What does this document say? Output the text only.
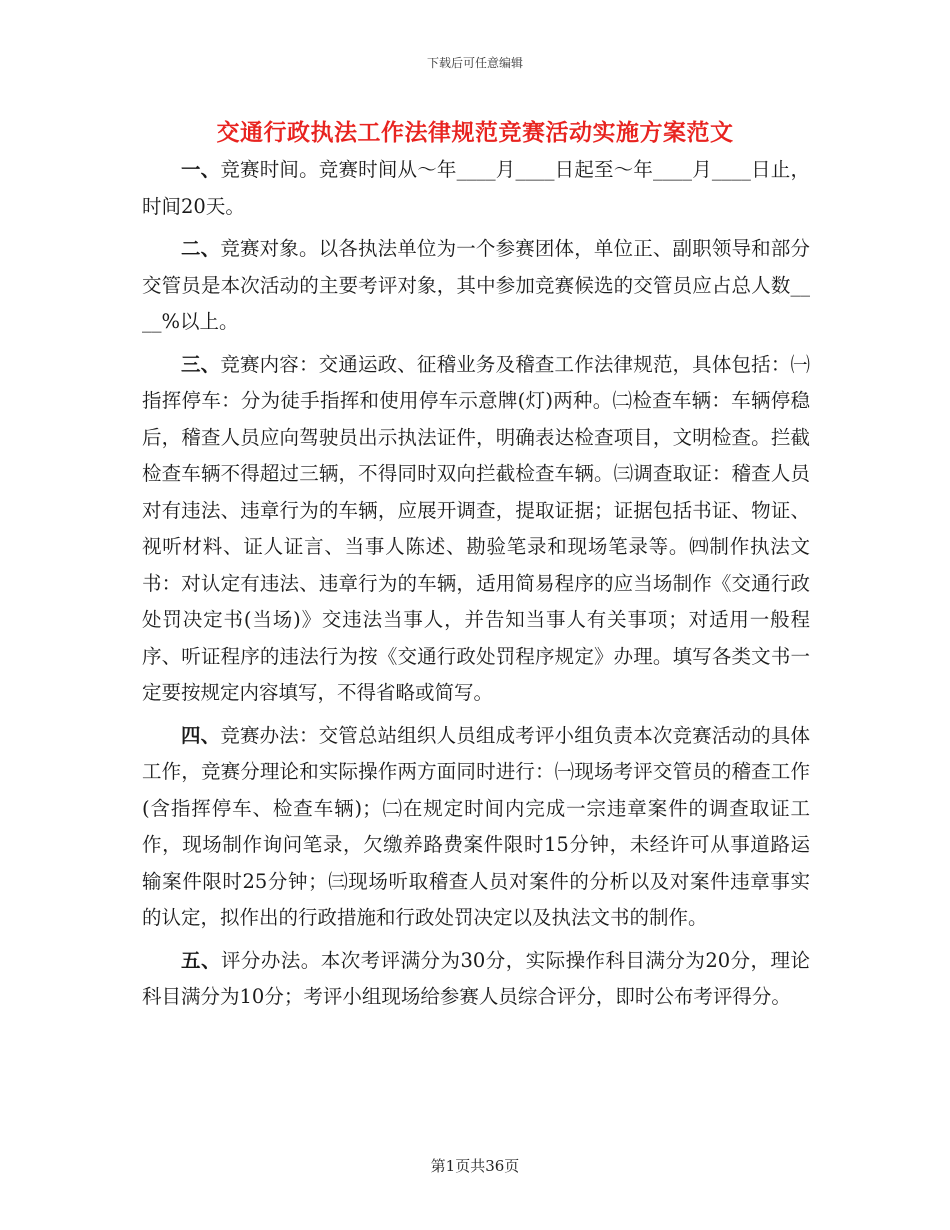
下载后可任意编辑
交通行政执法工作法律规范竞赛活动实施方案范文

一、竞赛时间。竞赛时间从～年____月____日起至～年____月____日止，时间20天。

二、竞赛对象。以各执法单位为一个参赛团体，单位正、副职领导和部分交管员是本次活动的主要考评对象，其中参加竞赛候选的交管员应占总人数____%以上。

三、竞赛内容：交通运政、征稽业务及稽查工作法律规范，具体包括：㈠指挥停车：分为徒手指挥和使用停车示意牌(灯)两种。㈡检查车辆：车辆停稳后，稽查人员应向驾驶员出示执法证件，明确表达检查项目，文明检查。拦截检查车辆不得超过三辆，不得同时双向拦截检查车辆。㈢调查取证：稽查人员对有违法、违章行为的车辆，应展开调查，提取证据；证据包括书证、物证、视听材料、证人证言、当事人陈述、勘验笔录和现场笔录等。㈣制作执法文书：对认定有违法、违章行为的车辆，适用简易程序的应当场制作《交通行政处罚决定书(当场)》交违法当事人，并告知当事人有关事项；对适用一般程序、听证程序的违法行为按《交通行政处罚程序规定》办理。填写各类文书一定要按规定内容填写，不得省略或简写。

四、竞赛办法：交管总站组织人员组成考评小组负责本次竞赛活动的具体工作，竞赛分理论和实际操作两方面同时进行：㈠现场考评交管员的稽查工作(含指挥停车、检查车辆)；㈡在规定时间内完成一宗违章案件的调查取证工作，现场制作询问笔录，欠缴养路费案件限时15分钟，未经许可从事道路运输案件限时25分钟；㈢现场听取稽查人员对案件的分析以及对案件违章事实的认定，拟作出的行政措施和行政处罚决定以及执法文书的制作。

五、评分办法。本次考评满分为30分，实际操作科目满分为20分，理论科目满分为10分；考评小组现场给参赛人员综合评分，即时公布考评得分。

第1页共36页
